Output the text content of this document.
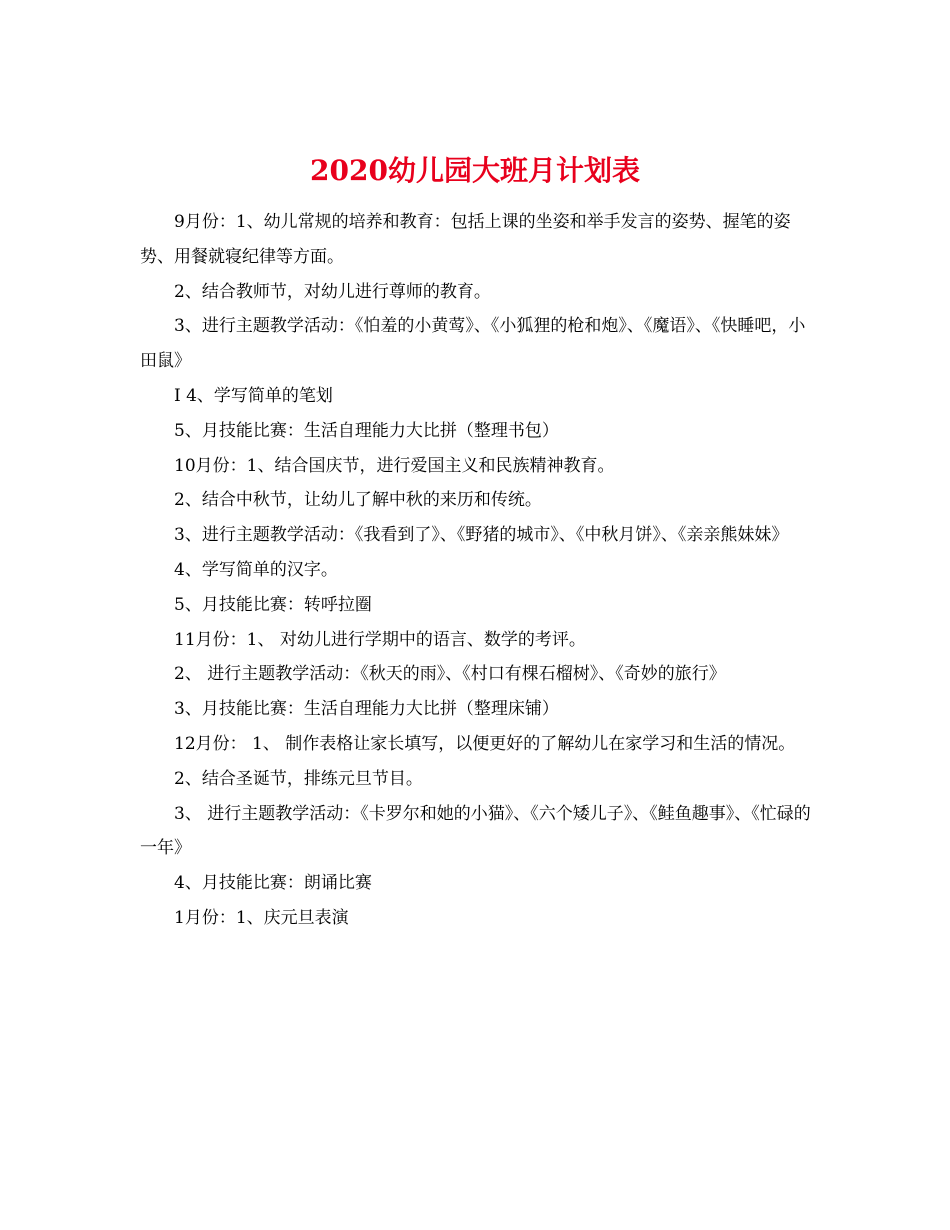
2020幼儿园大班月计划表

9月份：1、幼儿常规的培养和教育：包括上课的坐姿和举手发言的姿势、握笔的姿势、用餐就寝纪律等方面。

2、结合教师节，对幼儿进行尊师的教育。

3、进行主题教学活动：《怕羞的小黄莺》、《小狐狸的枪和炮》、《魔语》、《快睡吧，小田鼠》

I 4、学写简单的笔划

5、月技能比赛：生活自理能力大比拼（整理书包）

10月份：1、结合国庆节，进行爱国主义和民族精神教育。

2、结合中秋节，让幼儿了解中秋的来历和传统。

3、进行主题教学活动：《我看到了》、《野猪的城市》、《中秋月饼》、《亲亲熊妹妹》

4、学写简单的汉字。

5、月技能比赛：转呼拉圈

11月份：1、 对幼儿进行学期中的语言、数学的考评。

2、 进行主题教学活动：《秋天的雨》、《村口有棵石榴树》、《奇妙的旅行》

3、月技能比赛：生活自理能力大比拼（整理床铺）

12月份： 1、 制作表格让家长填写，以便更好的了解幼儿在家学习和生活的情况。

2、结合圣诞节，排练元旦节目。

3、 进行主题教学活动：《卡罗尔和她的小猫》、《六个矮儿子》、《鲑鱼趣事》、《忙碌的一年》

4、月技能比赛：朗诵比赛

1月份：1、庆元旦表演
